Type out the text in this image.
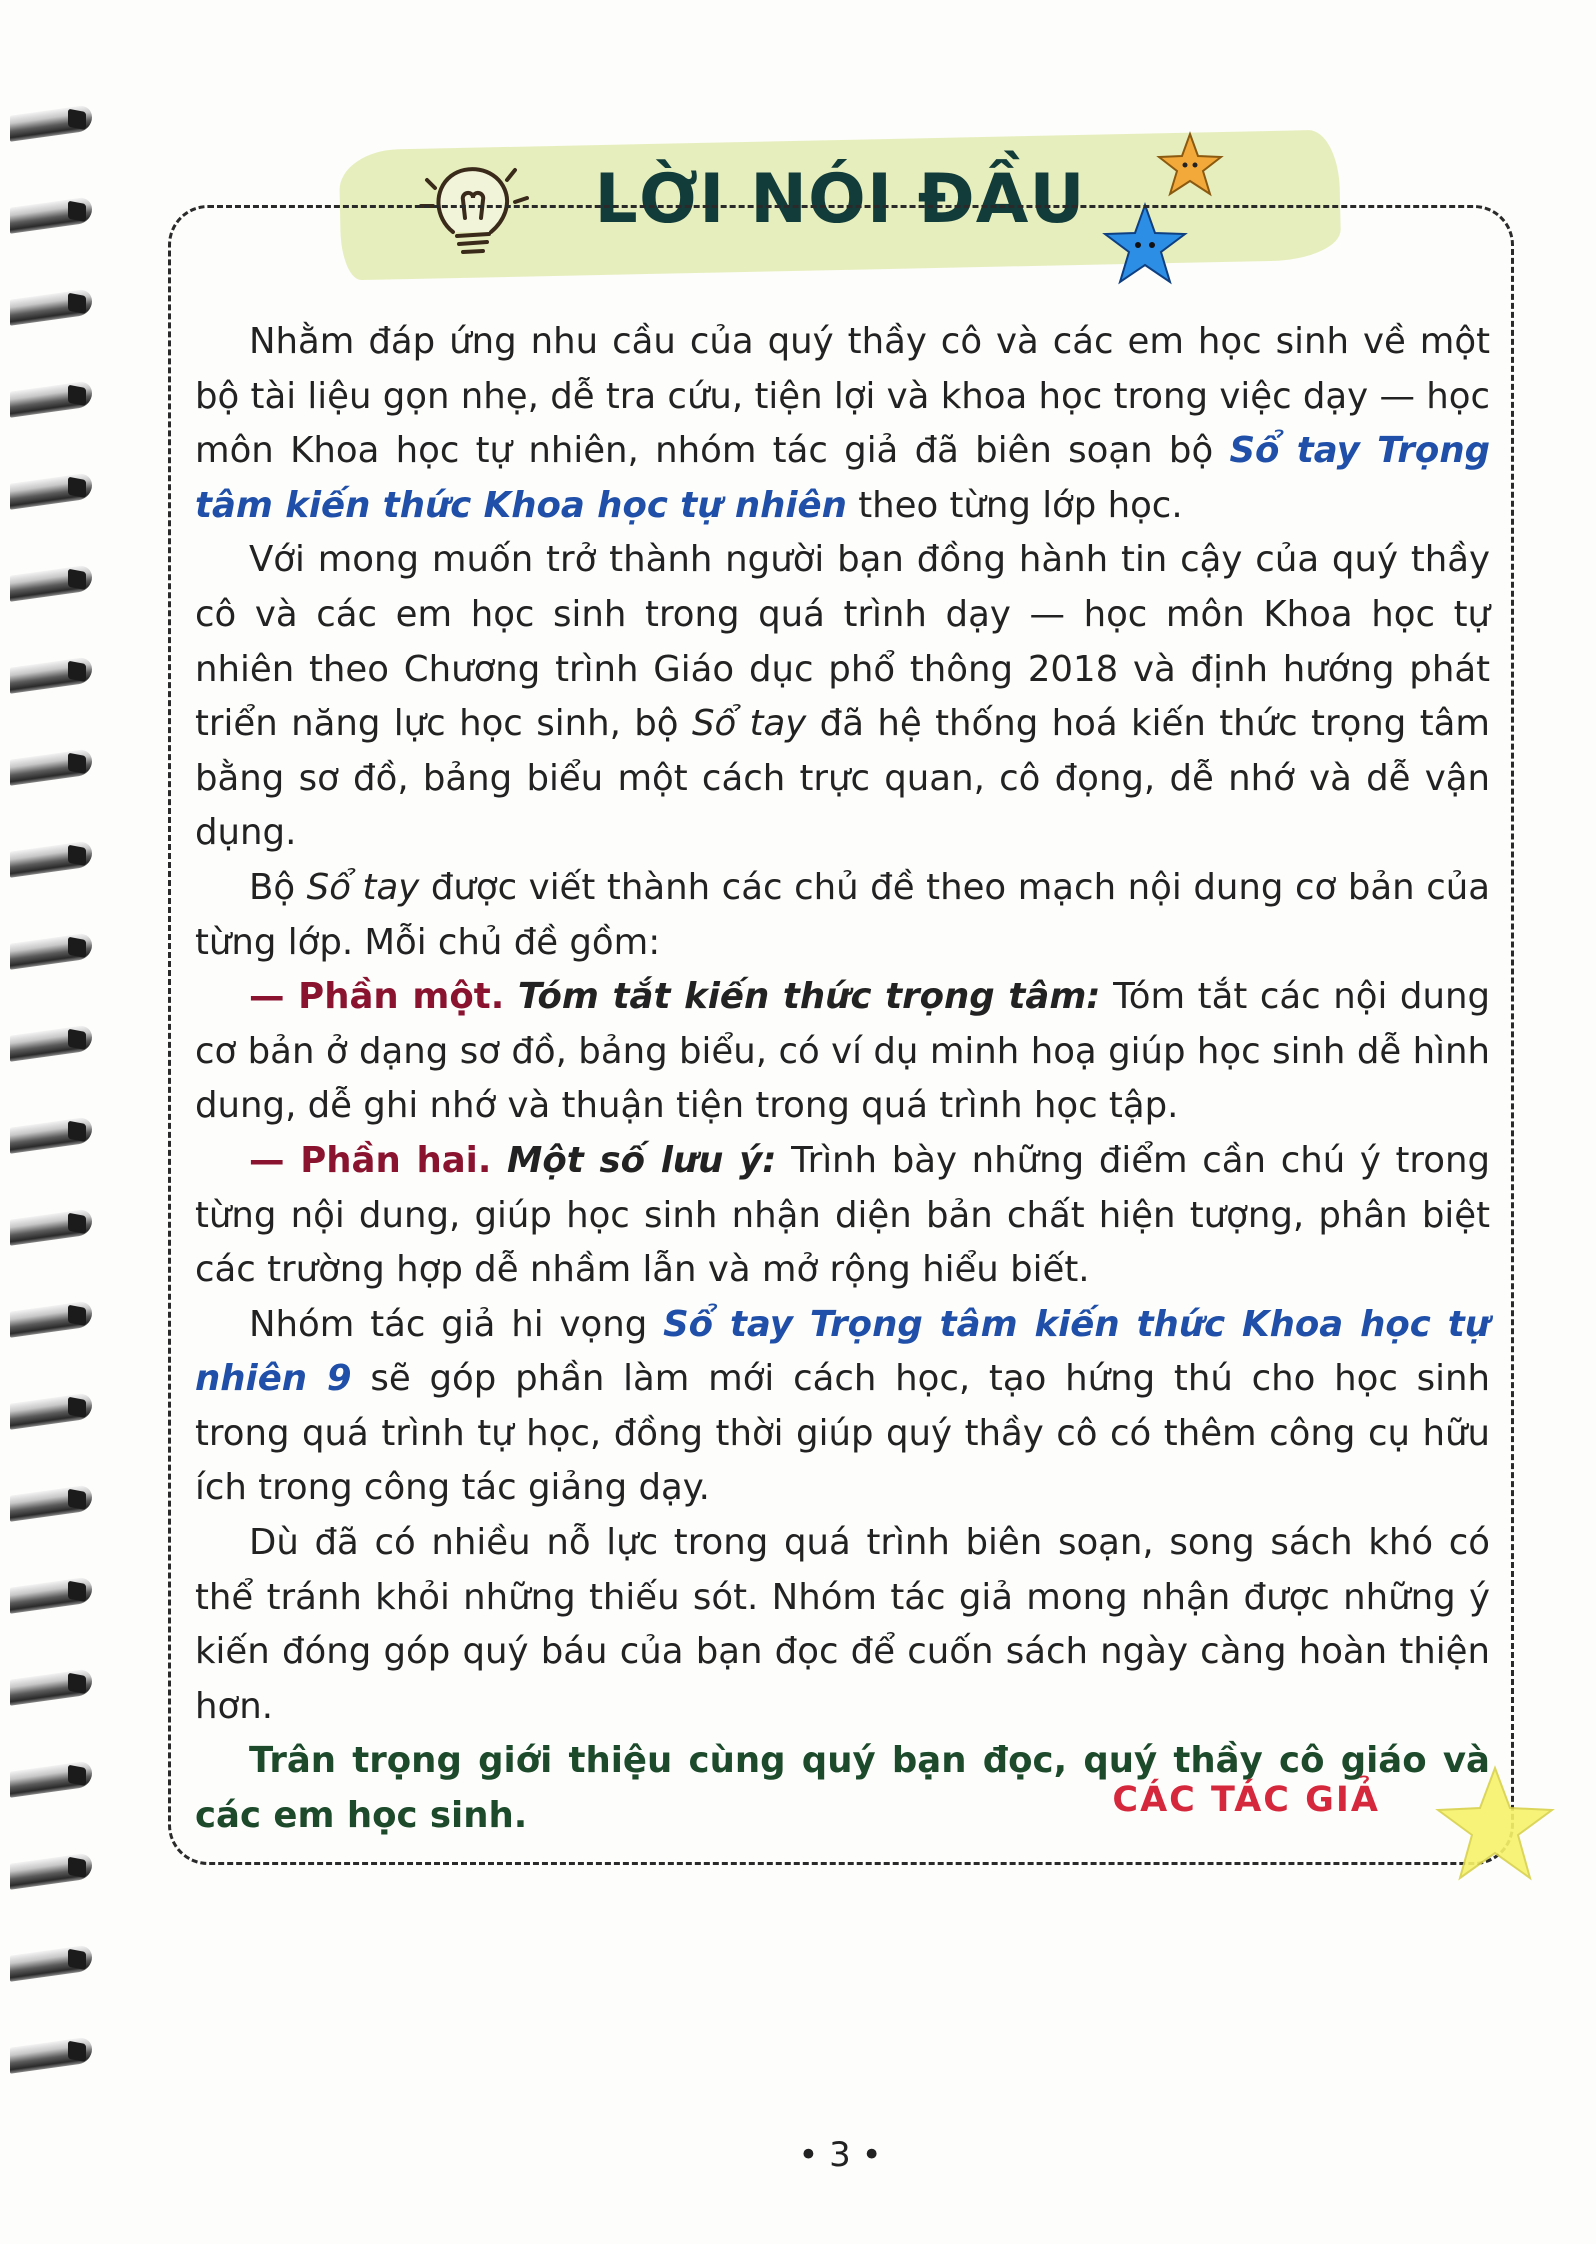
LỜI NÓI ĐẦU

Nhằm đáp ứng nhu cầu của quý thầy cô và các em học sinh về một bộ tài liệu gọn nhẹ, dễ tra cứu, tiện lợi và khoa học trong việc dạy — học môn Khoa học tự nhiên, nhóm tác giả đã biên soạn bộ Sổ tay Trọng tâm kiến thức Khoa học tự nhiên theo từng lớp học.

Với mong muốn trở thành người bạn đồng hành tin cậy của quý thầy cô và các em học sinh trong quá trình dạy — học môn Khoa học tự nhiên theo Chương trình Giáo dục phổ thông 2018 và định hướng phát triển năng lực học sinh, bộ Sổ tay đã hệ thống hoá kiến thức trọng tâm bằng sơ đồ, bảng biểu một cách trực quan, cô đọng, dễ nhớ và dễ vận dụng.

Bộ Sổ tay được viết thành các chủ đề theo mạch nội dung cơ bản của từng lớp. Mỗi chủ đề gồm:

— Phần một. Tóm tắt kiến thức trọng tâm: Tóm tắt các nội dung cơ bản ở dạng sơ đồ, bảng biểu, có ví dụ minh hoạ giúp học sinh dễ hình dung, dễ ghi nhớ và thuận tiện trong quá trình học tập.

— Phần hai. Một số lưu ý: Trình bày những điểm cần chú ý trong từng nội dung, giúp học sinh nhận diện bản chất hiện tượng, phân biệt các trường hợp dễ nhầm lẫn và mở rộng hiểu biết.

Nhóm tác giả hi vọng Sổ tay Trọng tâm kiến thức Khoa học tự nhiên 9 sẽ góp phần làm mới cách học, tạo hứng thú cho học sinh trong quá trình tự học, đồng thời giúp quý thầy cô có thêm công cụ hữu ích trong công tác giảng dạy.

Dù đã có nhiều nỗ lực trong quá trình biên soạn, song sách khó có thể tránh khỏi những thiếu sót. Nhóm tác giả mong nhận được những ý kiến đóng góp quý báu của bạn đọc để cuốn sách ngày càng hoàn thiện hơn.

Trân trọng giới thiệu cùng quý bạn đọc, quý thầy cô giáo và các em học sinh.	CÁC TÁC GIẢ
• 3 •
